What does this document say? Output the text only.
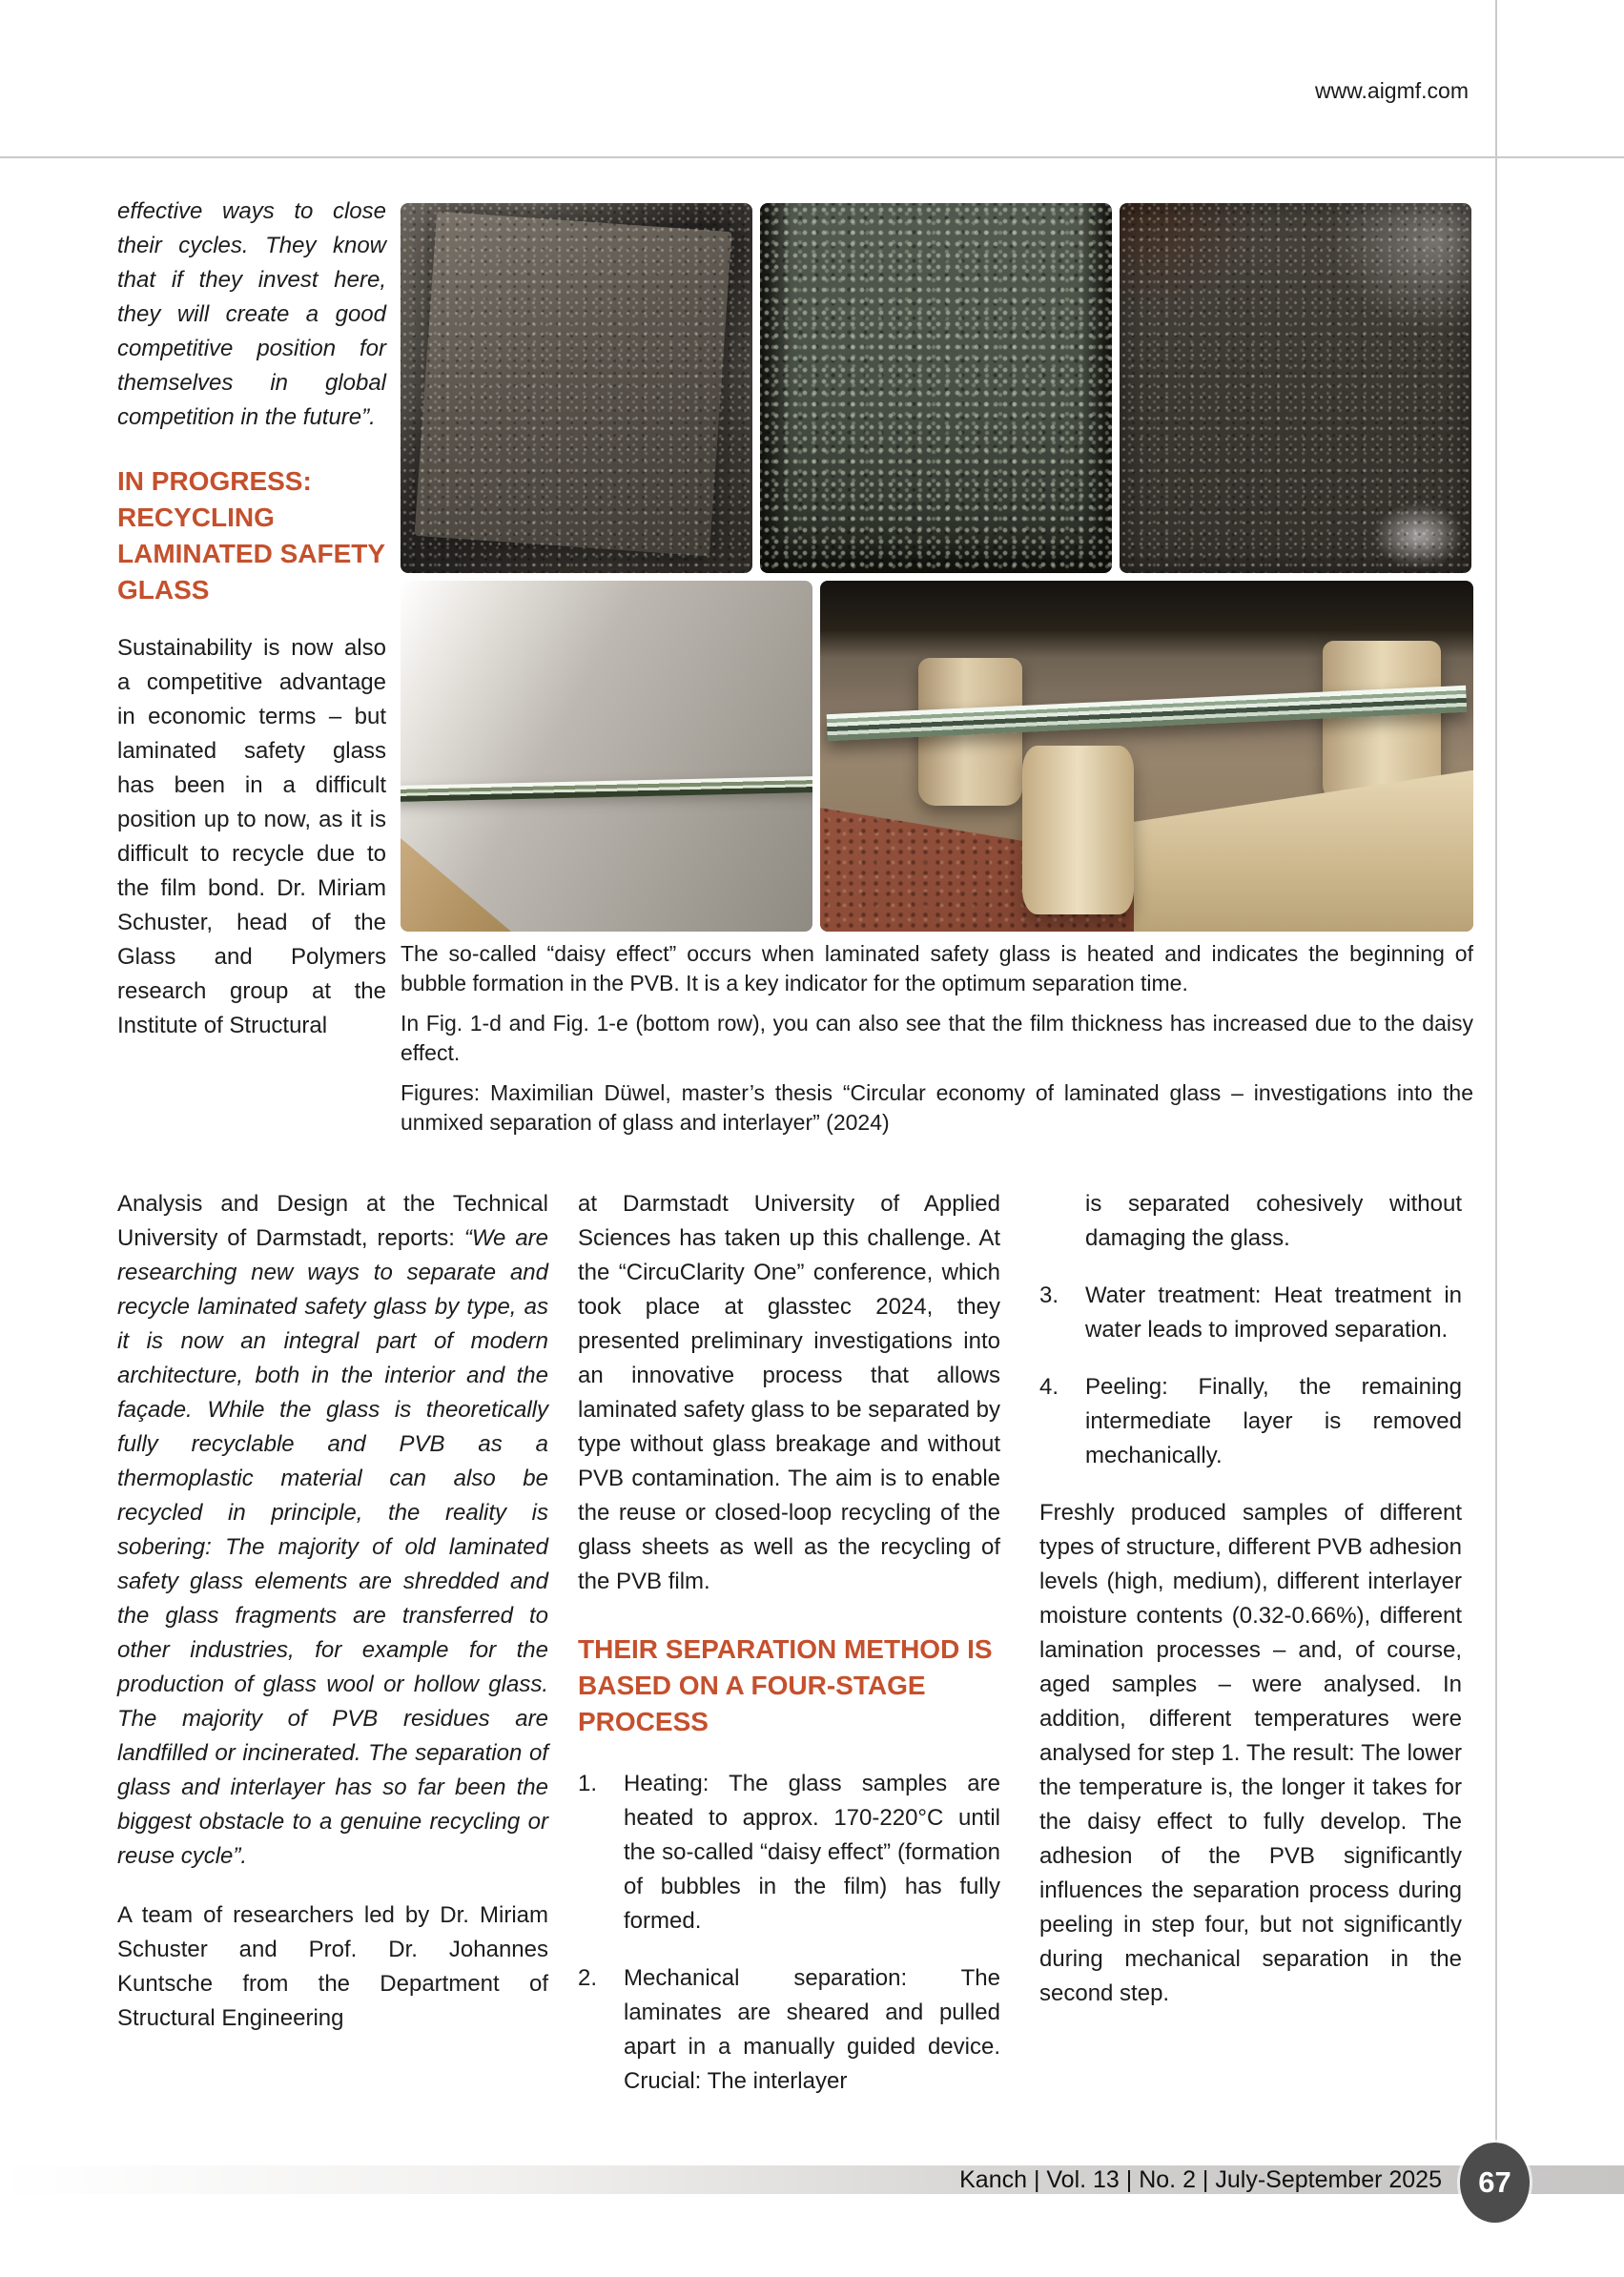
www.aigmf.com

effective ways to close their cycles. They know that if they invest here, they will create a good competitive position for themselves in global competition in the future”.

IN PROGRESS: RECYCLING LAMINATED SAFETY GLASS

Sustainability is now also a competitive advantage in economic terms – but laminated safety glass has been in a difficult position up to now, as it is difficult to recycle due to the film bond. Dr. Miriam Schuster, head of the Glass and Polymers research group at the Institute of Structural

The so-called “daisy effect” occurs when laminated safety glass is heated and indicates the beginning of bubble formation in the PVB. It is a key indicator for the optimum separation time.

In Fig. 1-d and Fig. 1-e (bottom row), you can also see that the film thickness has increased due to the daisy effect.

Figures: Maximilian Düwel, master’s thesis “Circular economy of laminated glass – investigations into the unmixed separation of glass and interlayer” (2024)

Analysis and Design at the Technical University of Darmstadt, reports: “We are researching new ways to separate and recycle laminated safety glass by type, as it is now an integral part of modern architecture, both in the interior and the façade. While the glass is theoretically fully recyclable and PVB as a thermoplastic material can also be recycled in principle, the reality is sobering: The majority of old laminated safety glass elements are shredded and the glass fragments are transferred to other industries, for example for the production of glass wool or hollow glass. The majority of PVB residues are landfilled or incinerated. The separation of glass and interlayer has so far been the biggest obstacle to a genuine recycling or reuse cycle”.

A team of researchers led by Dr. Miriam Schuster and Prof. Dr. Johannes Kuntsche from the Department of Structural Engineering

at Darmstadt University of Applied Sciences has taken up this challenge. At the “CircuClarity One” conference, which took place at glasstec 2024, they presented preliminary investigations into an innovative process that allows laminated safety glass to be separated by type without glass breakage and without PVB contamination. The aim is to enable the reuse or closed-loop recycling of the glass sheets as well as the recycling of the PVB film.

THEIR SEPARATION METHOD IS BASED ON A FOUR-STAGE PROCESS
1.	Heating: The glass samples are heated to approx. 170-220°C until the so-called “daisy effect” (formation of bubbles in the film) has fully formed.
2.	Mechanical separation: The laminates are sheared and pulled apart in a manually guided device. Crucial: The interlayer

is separated cohesively without damaging the glass.

3.	Water treatment: Heat treatment in water leads to improved separation.
4.	Peeling: Finally, the remaining intermediate layer is removed mechanically.

Freshly produced samples of different types of structure, different PVB adhesion levels (high, medium), different interlayer moisture contents (0.32-0.66%), different lamination processes – and, of course, aged samples – were analysed. In addition, different temperatures were analysed for step 1. The result: The lower the temperature is, the longer it takes for the daisy effect to fully develop. The adhesion of the PVB significantly influences the separation process during peeling in step four, but not significantly during mechanical separation in the second step.

Kanch | Vol. 13 | No. 2 | July-September 2025 67
